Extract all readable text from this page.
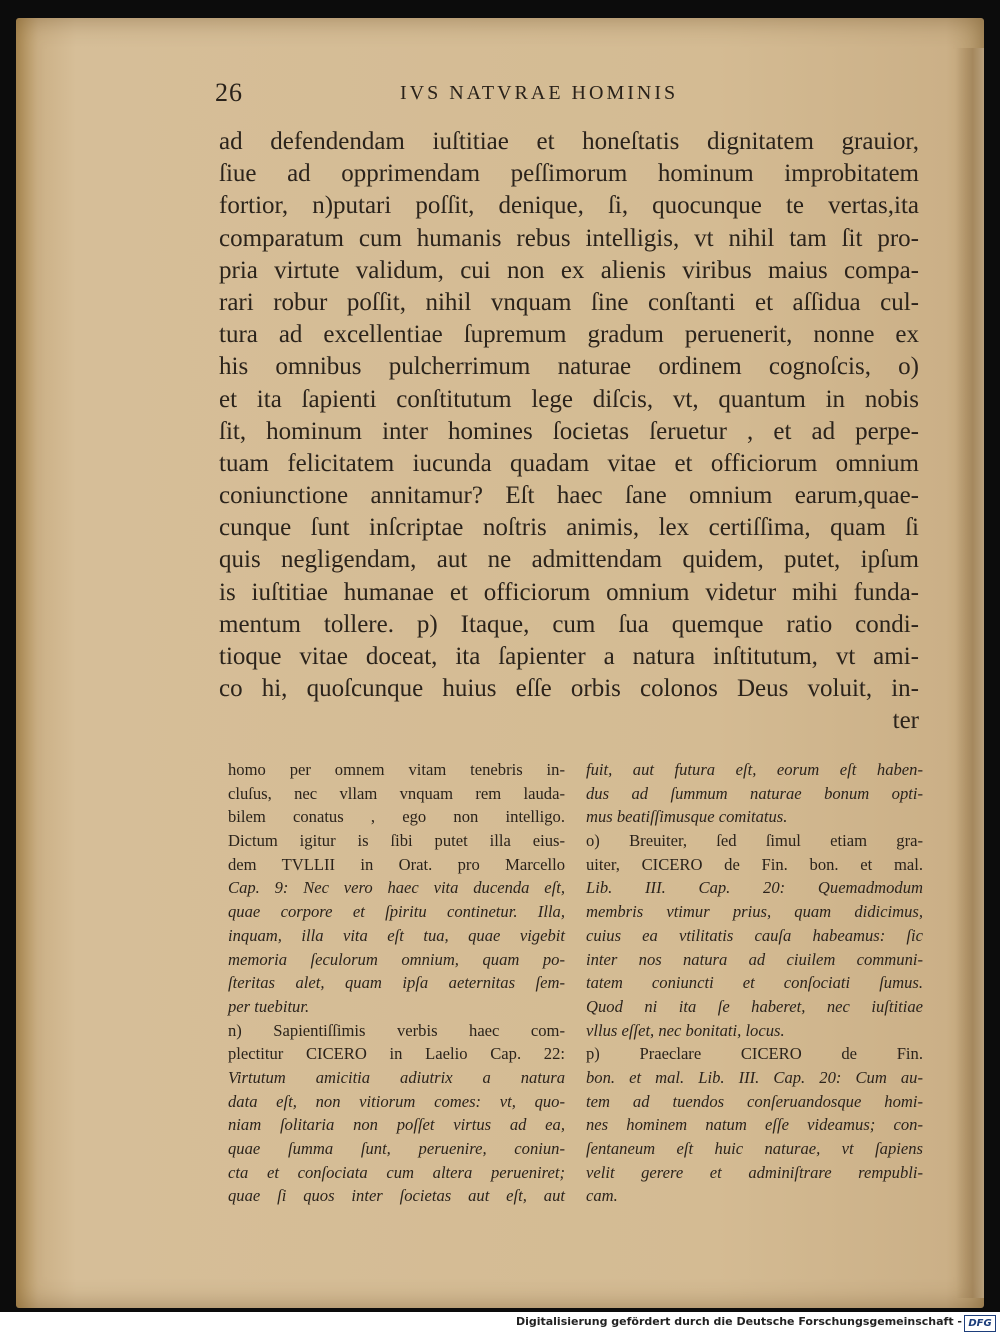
26	IVS NATVRAE HOMINIS
ad defendendam iuſtitiae et honeſtatis dignitatem grauior,
ſiue ad opprimendam peſſimorum hominum improbitatem
fortior, n)putari poſſit, denique, ſi, quocunque te vertas,ita
comparatum cum humanis rebus intelligis, vt nihil tam ſit pro-
pria virtute validum, cui non ex alienis viribus maius compa-
rari robur poſſit, nihil vnquam ſine conſtanti et aſſidua cul-
tura ad excellentiae ſupremum gradum peruenerit, nonne ex
his omnibus pulcherrimum naturae ordinem cognoſcis, o)
et ita ſapienti conſtitutum lege diſcis, vt, quantum in nobis
ſit, hominum inter homines ſocietas ſeruetur , et ad perpe-
tuam felicitatem iucunda quadam vitae et officiorum omnium
coniunctione annitamur? Eſt haec ſane omnium earum,quae-
cunque ſunt inſcriptae noſtris animis, lex certiſſima, quam ſi
quis negligendam, aut ne admittendam quidem, putet, ipſum
is iuſtitiae humanae et officiorum omnium videtur mihi funda-
mentum tollere. p) Itaque, cum ſua quemque ratio condi-
tioque vitae doceat, ita ſapienter a natura inſtitutum, vt ami-
co hi, quoſcunque huius eſſe orbis colonos Deus voluit, in-
ter
homo per omnem vitam tenebris in-
cluſus, nec vllam vnquam rem lauda-
bilem conatus , ego non intelligo.
Dictum igitur is ſibi putet illa eius-
dem TVLLII in Orat. pro Marcello
Cap. 9: Nec vero haec vita ducenda eſt,
quae corpore et ſpiritu continetur. Illa,
inquam, illa vita eſt tua, quae vigebit
memoria ſeculorum omnium, quam po-
ſteritas alet, quam ipſa aeternitas ſem-
per tuebitur.
n) Sapientiſſimis verbis haec com-
plectitur CICERO in Laelio Cap. 22:
Virtutum amicitia adiutrix a natura
data eſt, non vitiorum comes: vt, quo-
niam ſolitaria non poſſet virtus ad ea,
quae ſumma ſunt, peruenire, coniun-
cta et conſociata cum altera perueniret;
quae ſi quos inter ſocietas aut eſt, aut
fuit, aut futura eſt, eorum eſt haben-
dus ad ſummum naturae bonum opti-
mus beatiſſimusque comitatus.
o) Breuiter, ſed ſimul etiam gra-
uiter, CICERO de Fin. bon. et mal.
Lib. III. Cap. 20: Quemadmodum
membris vtimur prius, quam didicimus,
cuius ea vtilitatis cauſa habeamus: ſic
inter nos natura ad ciuilem communi-
tatem coniuncti et conſociati ſumus.
Quod ni ita ſe haberet, nec iuſtitiae
vllus eſſet, nec bonitati, locus.
p) Praeclare CICERO de Fin.
bon. et mal. Lib. III. Cap. 20: Cum au-
tem ad tuendos conſeruandosque homi-
nes hominem natum eſſe videamus; con-
ſentaneum eſt huic naturae, vt ſapiens
velit gerere et adminiſtrare rempubli-
cam.
Digitalisierung gefördert durch die Deutsche Forschungsgemeinschaft - DFG
